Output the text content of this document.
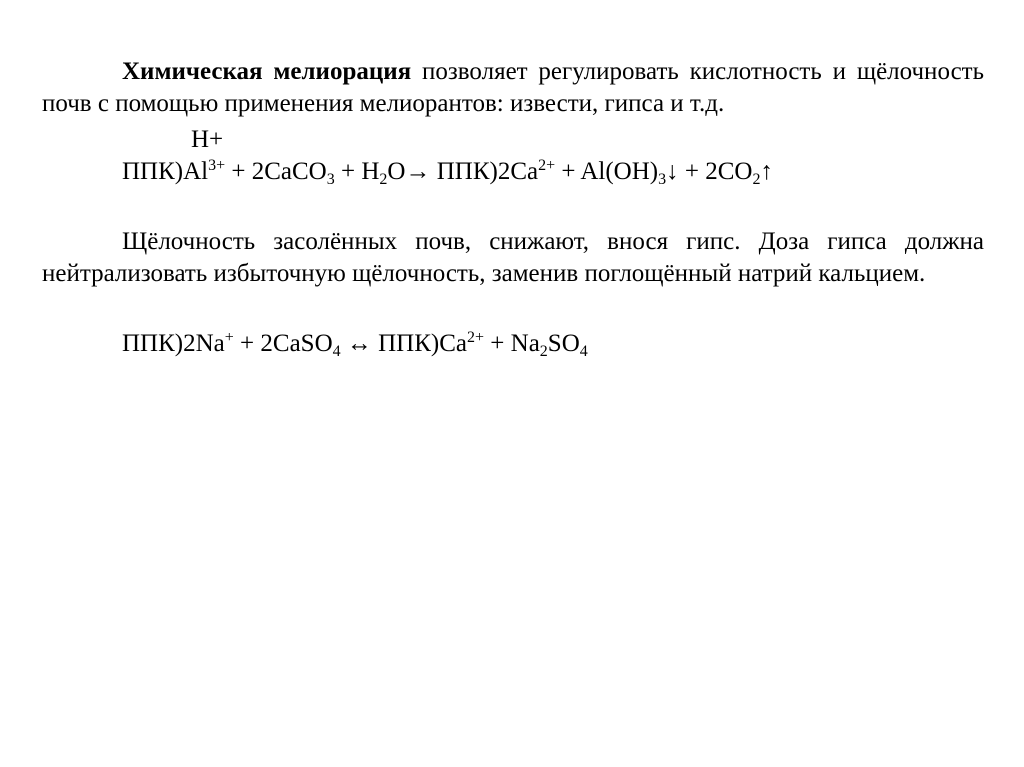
Химическая мелиорация позволяет регулировать кислотность и щёлочность почв с помощью применения мелиорантов: извести, гипса и т.д.

H+

$ППК)Al^{3+}$ + 2CaCO$_3$ + $H_2O\to ППК)2Ca^{2+}$ + $Al(OH)_3↓$ + $2CO_2↑$

Щёлочность засолённых почв, снижают, внося гипс. Доза гипса должна нейтрализовать избыточную щёлочность, заменив поглощённый натрий кальцием.

ППК)2Na+ + 2CaSO$_4$ ↔ $ППК)Ca^{2+} + Na_2SO_4$
